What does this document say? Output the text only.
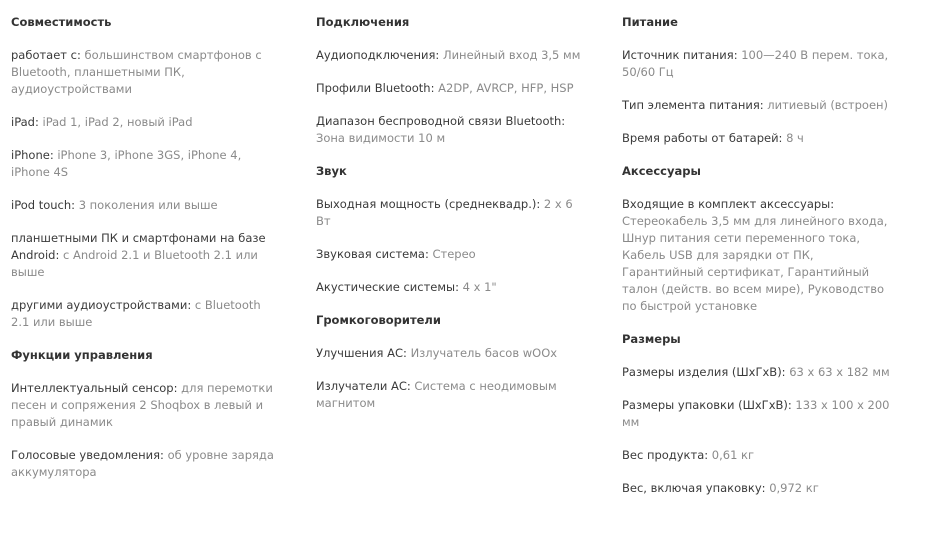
Совместимость
работает с: большинством смартфонов с Bluetooth, планшетными ПК, аудиоустройствами
iPad: iPad 1, iPad 2, новый iPad
iPhone: iPhone 3, iPhone 3GS, iPhone 4, iPhone 4S
iPod touch: 3 поколения или выше
планшетными ПК и смартфонами на базе Android: с Android 2.1 и Bluetooth 2.1 или выше
другими аудиоустройствами: с Bluetooth 2.1 или выше
Функции управления
Интеллектуальный сенсор: для перемотки песен и сопряжения 2 Shoqbox в левый и правый динамик
Голосовые уведомления: об уровне заряда аккумулятора
Подключения
Аудиоподключения: Линейный вход 3,5 мм
Профили Bluetooth: A2DP, AVRCP, HFP, HSP
Диапазон беспроводной связи Bluetooth: Зона видимости 10 м
Звук
Выходная мощность (среднеквадр.): 2 x 6 Вт
Звуковая система: Стерео
Акустические системы: 4 x 1"
Громкоговорители
Улучшения АС: Излучатель басов wOOx
Излучатели АС: Система с неодимовым магнитом
Питание
Источник питания: 100—240 В перем. тока, 50/60 Гц
Тип элемента питания: литиевый (встроен)
Время работы от батарей: 8 ч
Аксессуары
Входящие в комплект аксессуары: Стереокабель 3,5 мм для линейного входа, Шнур питания сети переменного тока, Кабель USB для зарядки от ПК, Гарантийный сертификат, Гарантийный талон (действ. во всем мире), Руководство по быстрой установке
Размеры
Размеры изделия (ШxГxВ): 63 x 63 x 182 мм
Размеры упаковки (ШxГxВ): 133 x 100 x 200 мм
Вес продукта: 0,61 кг
Вес, включая упаковку: 0,972 кг
